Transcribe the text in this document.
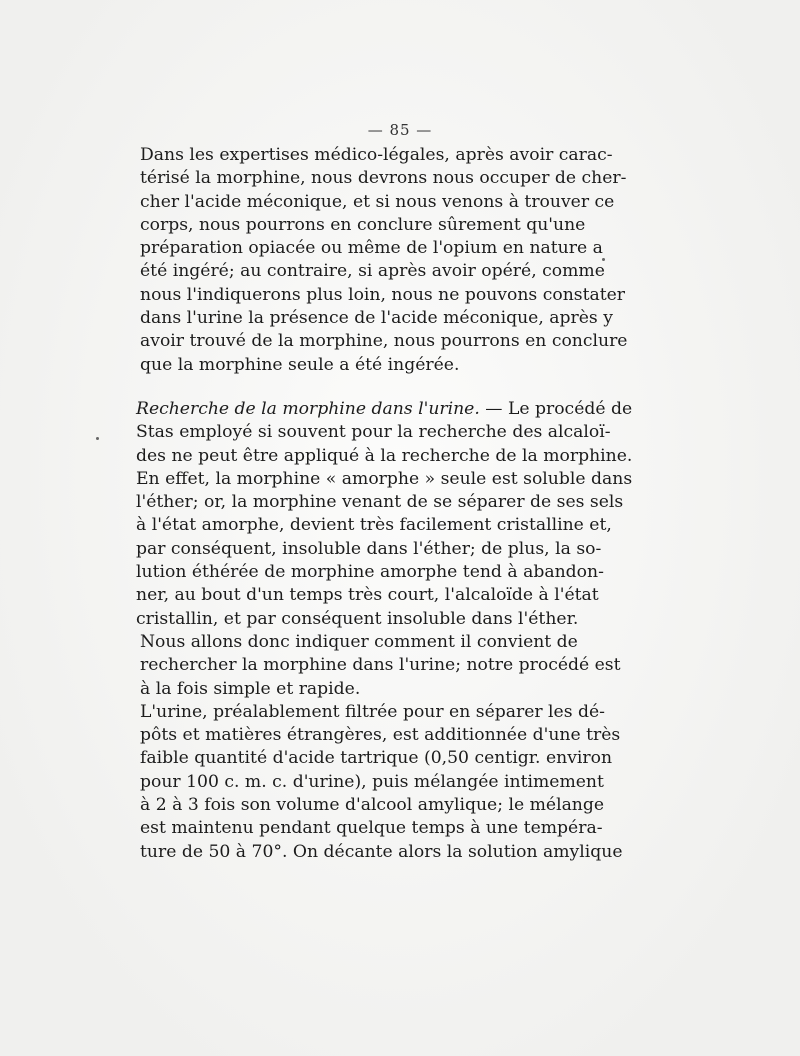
— 85 —

Dans les expertises médico-légales, après avoir carac-
térisé la morphine, nous devrons nous occuper de cher-
cher l'acide méconique, et si nous venons à trouver ce
corps, nous pourrons en conclure sûrement qu'une
préparation opiacée ou même de l'opium en nature a
été ingéré; au contraire, si après avoir opéré, comme
nous l'indiquerons plus loin, nous ne pouvons constater
dans l'urine la présence de l'acide méconique, après y
avoir trouvé de la morphine, nous pourrons en conclure
que la morphine seule a été ingérée.

Recherche de la morphine dans l'urine. — Le procédé de
Stas employé si souvent pour la recherche des alcaloï-
des ne peut être appliqué à la recherche de la morphine.
En effet, la morphine « amorphe » seule est soluble dans
l'éther; or, la morphine venant de se séparer de ses sels
à l'état amorphe, devient très facilement cristalline et,
par conséquent, insoluble dans l'éther; de plus, la so-
lution éthérée de morphine amorphe tend à abandon-
ner, au bout d'un temps très court, l'alcaloïde à l'état
cristallin, et par conséquent insoluble dans l'éther.

Nous allons donc indiquer comment il convient de
rechercher la morphine dans l'urine; notre procédé est
à la fois simple et rapide.

L'urine, préalablement filtrée pour en séparer les dé-
pôts et matières étrangères, est additionnée d'une très
faible quantité d'acide tartrique (0,50 centigr. environ
pour 100 c. m. c. d'urine), puis mélangée intimement
à 2 à 3 fois son volume d'alcool amylique; le mélange
est maintenu pendant quelque temps à une tempéra-
ture de 50 à 70°. On décante alors la solution amylique
